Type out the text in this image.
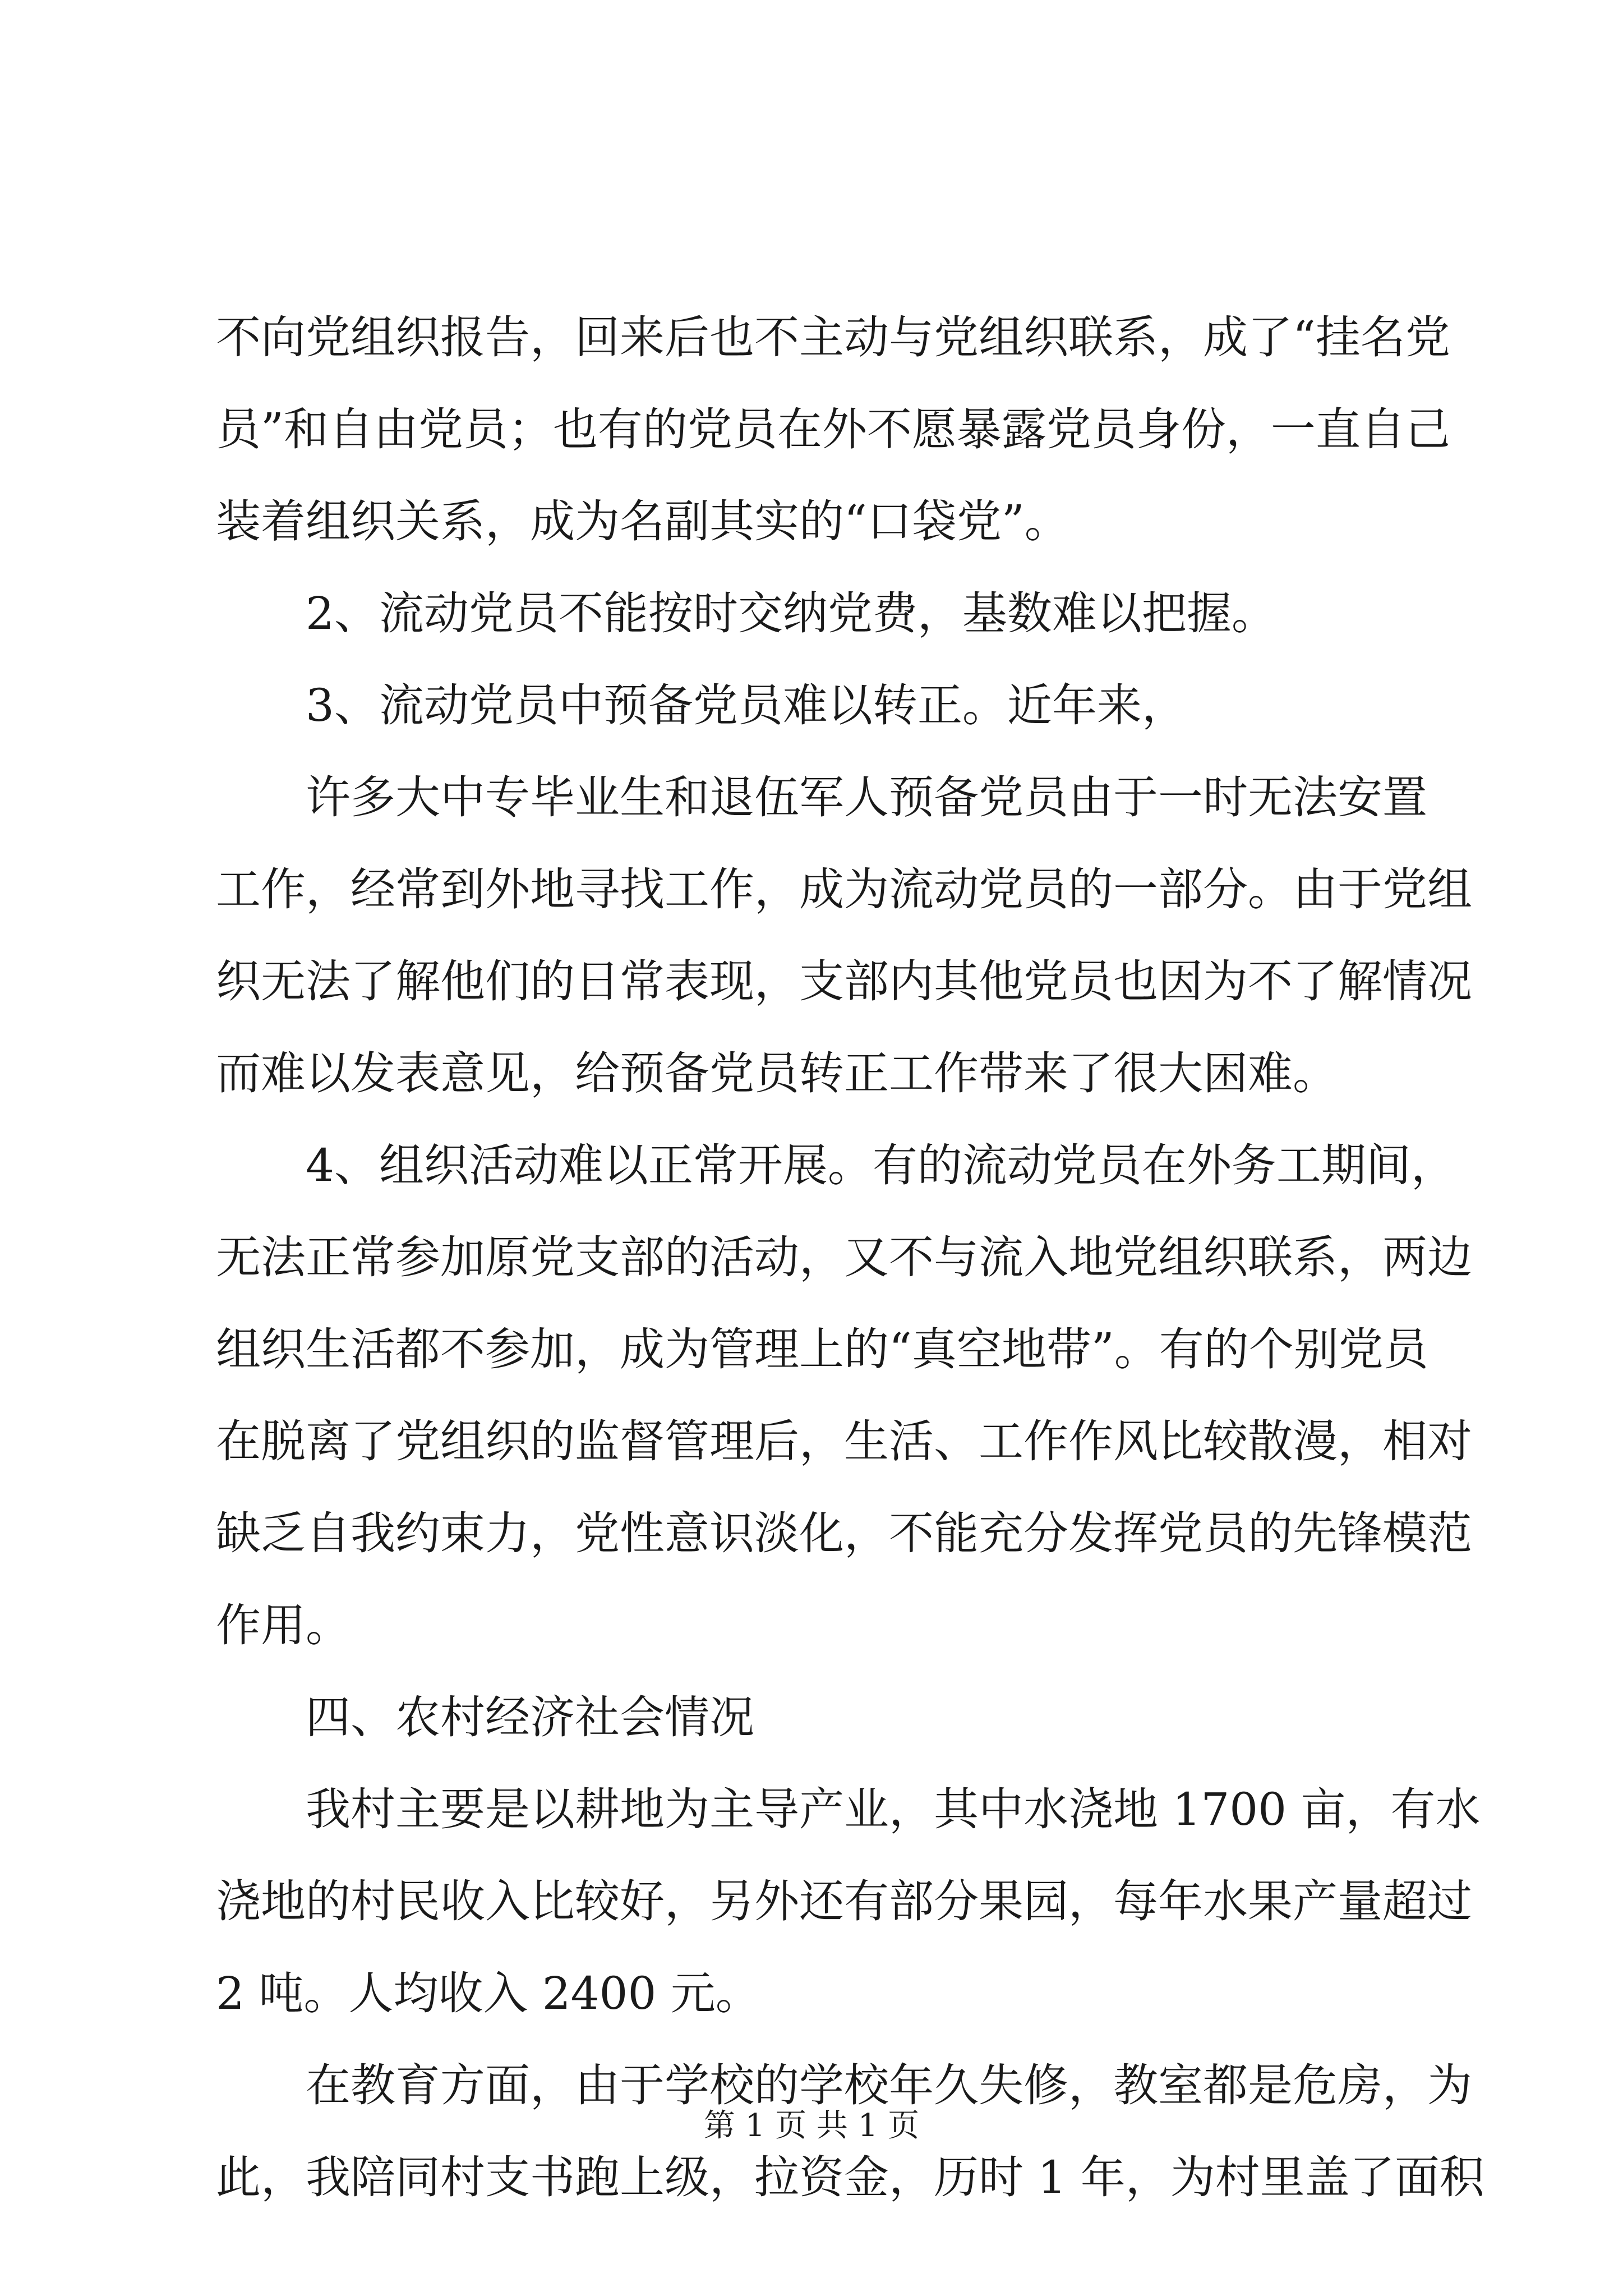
不向党组织报告，回来后也不主动与党组织联系，成了“挂名党
员”和自由党员；也有的党员在外不愿暴露党员身份，一直自己
装着组织关系，成为名副其实的“口袋党”。
2、流动党员不能按时交纳党费，基数难以把握。
3、流动党员中预备党员难以转正。近年来，
许多大中专毕业生和退伍军人预备党员由于一时无法安置
工作，经常到外地寻找工作，成为流动党员的一部分。由于党组
织无法了解他们的日常表现，支部内其他党员也因为不了解情况
而难以发表意见，给预备党员转正工作带来了很大困难。
4、组织活动难以正常开展。有的流动党员在外务工期间，
无法正常参加原党支部的活动，又不与流入地党组织联系，两边
组织生活都不参加，成为管理上的“真空地带”。有的个别党员
在脱离了党组织的监督管理后，生活、工作作风比较散漫，相对
缺乏自我约束力，党性意识淡化，不能充分发挥党员的先锋模范
作用。
四、农村经济社会情况
我村主要是以耕地为主导产业，其中水浇地 1700 亩，有水
浇地的村民收入比较好，另外还有部分果园，每年水果产量超过
2 吨。人均收入 2400 元。
在教育方面，由于学校的学校年久失修，教室都是危房，为
此，我陪同村支书跑上级，拉资金，历时 1 年，为村里盖了面积
第 1 页 共 1 页
